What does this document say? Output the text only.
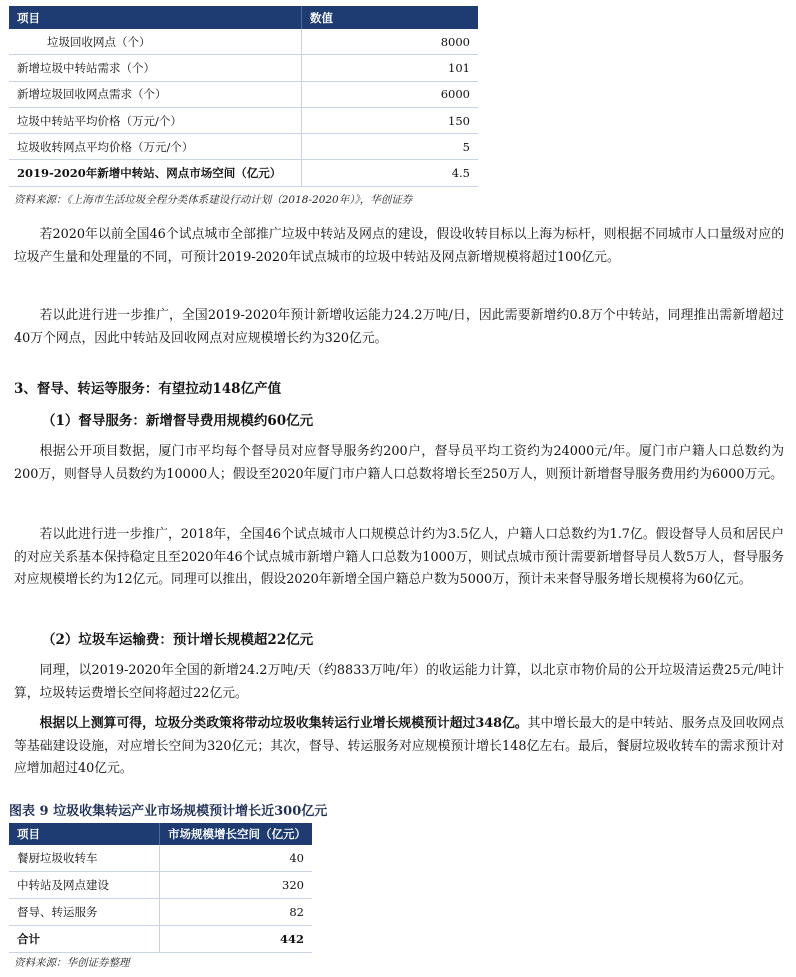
项目	数值
垃圾回收网点（个）	8000
新增垃圾中转站需求（个）	101
新增垃圾回收网点需求（个）	6000
垃圾中转站平均价格（万元/个）	150
垃圾收转网点平均价格（万元/个）	5
2019-2020年新增中转站、网点市场空间（亿元）	4.5
资料来源：《上海市生活垃圾全程分类体系建设行动计划（2018-2020年）》，华创证券

若2020年以前全国46个试点城市全部推广垃圾中转站及网点的建设，假设收转目标以上海为标杆，则根据不同城市人口量级对应的垃圾产生量和处理量的不同，可预计2019-2020年试点城市的垃圾中转站及网点新增规模将超过100亿元。

若以此进行进一步推广，全国2019-2020年预计新增收运能力24.2万吨/日，因此需要新增约0.8万个中转站，同理推出需新增超过40万个网点，因此中转站及回收网点对应规模增长约为320亿元。

3、督导、转运等服务：有望拉动148亿产值
（1）督导服务：新增督导费用规模约60亿元

根据公开项目数据，厦门市平均每个督导员对应督导服务约200户，督导员平均工资约为24000元/年。厦门市户籍人口总数约为200万，则督导人员数约为10000人；假设至2020年厦门市户籍人口总数将增长至250万人，则预计新增督导服务费用约为6000万元。

若以此进行进一步推广，2018年，全国46个试点城市人口规模总计约为3.5亿人，户籍人口总数约为1.7亿。假设督导人员和居民户的对应关系基本保持稳定且至2020年46个试点城市新增户籍人口总数为1000万，则试点城市预计需要新增督导员人数5万人，督导服务对应规模增长约为12亿元。同理可以推出，假设2020年新增全国户籍总户数为5000万，预计未来督导服务增长规模将为60亿元。

（2）垃圾车运输费：预计增长规模超22亿元

同理，以2019-2020年全国的新增24.2万吨/天（约8833万吨/年）的收运能力计算，以北京市物价局的公开垃圾清运费25元/吨计算，垃圾转运费增长空间将超过22亿元。

根据以上测算可得，垃圾分类政策将带动垃圾收集转运行业增长规模预计超过348亿。其中增长最大的是中转站、服务点及回收网点等基础建设设施，对应增长空间为320亿元；其次，督导、转运服务对应规模预计增长148亿左右。最后，餐厨垃圾收转车的需求预计对应增加超过40亿元。

图表 9 垃圾收集转运产业市场规模预计增长近300亿元
项目	市场规模增长空间（亿元）
餐厨垃圾收转车	40
中转站及网点建设	320
督导、转运服务	82
合计	442
资料来源：华创证券整理
